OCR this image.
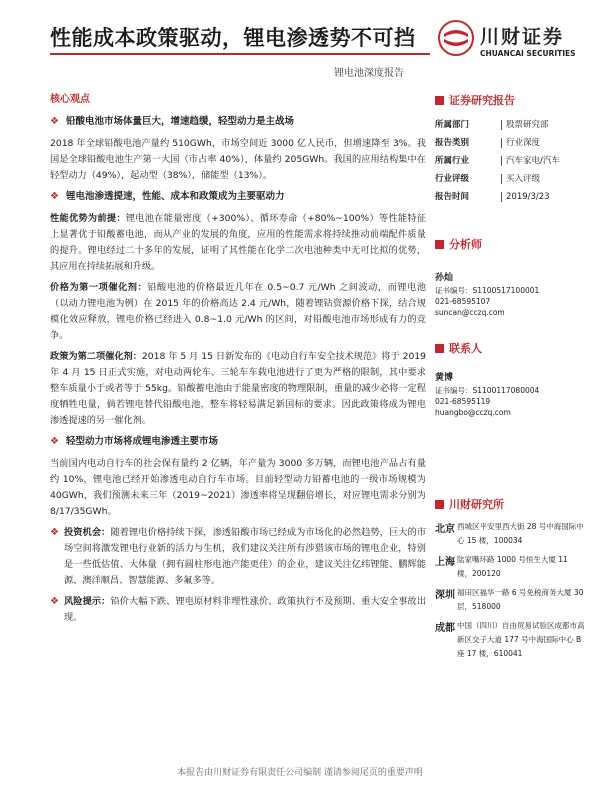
性能成本政策驱动，锂电渗透势不可挡	川财证券
CHUANCAI SECURITIES
锂电池深度报告
核心观点
❖ 铅酸电池市场体量巨大，增速趋缓，轻型动力是主战场

2018 年全球铅酸电池产量约 510GWh，市场空间近 3000 亿人民币，但增速降至 3%。我国是全球铅酸电池生产第一大国（市占率 40%），体量约 205GWh。我国的应用结构集中在轻型动力（49%），起动型（38%），储能型（13%）。

❖ 锂电池渗透提速，性能、成本和政策成为主要驱动力

性能优势为前提：锂电池在能量密度（+300%）、循环寿命（+80%~100%）等性能特征上显著优于铅酸蓄电池，而从产业的发展的角度，应用的性能需求将持续推动前端配件质量的提升。锂电经过二十多年的发展，证明了其性能在化学二次电池种类中无可比拟的优势，其应用在持续拓展和升级。

价格为第一项催化剂：铅酸电池的价格最近几年在 0.5~0.7 元/Wh 之间波动，而锂电池（以动力锂电池为例）在 2015 年的价格高达 2.4 元/Wh，随着锂钴资源价格下探，结合规模化效应释放，锂电价格已经进入 0.8~1.0 元/Wh 的区间，对铅酸电池市场形成有力的竞争。

政策为第二项催化剂：2018 年 5 月 15 日新发布的《电动自行车安全技术规范》将于 2019 年 4 月 15 日正式实施，对电动两轮车、三轮车车载电池进行了更为严格的限制，其中要求整车质量小于或者等于 55kg。铅酸蓄电池由于能量密度的物理限制，重量的减少必将一定程度牺牲电量，倘若锂电替代铅酸电池，整车将轻易满足新国标的要求。因此政策将成为锂电渗透提速的另一催化剂。

❖ 轻型动力市场将成锂电渗透主要市场

当前国内电动自行车的社会保有量约 2 亿辆，年产量为 3000 多万辆，而锂电池产品占有量约 10%，锂电池已经开始渗透电动自行车市场。目前轻型动力铅蓄电池的一级市场规模为 40GWh，我们预测未来三年（2019~2021）渗透率将呈现翻倍增长，对应锂电需求分别为 8/17/35GWh。

❖ 投资机会：随着锂电价格持续下探，渗透铅酸市场已经成为市场化的必然趋势，巨大的市场空间将激发锂电行业新的活力与生机，我们建议关注所有涉猎该市场的锂电企业，特别是一些低估值、大体量（拥有圆柱形电池产能更佳）的企业，建议关注亿纬锂能、鹏辉能源、澳洋顺昌、智慧能源、多氟多等。

❖ 风险提示：铅价大幅下跌、锂电原材料非理性涨价、政策执行不及预期、重大安全事故出现。

证券研究报告
所属部门	股票研究部
报告类别	行业深度
所属行业	汽车家电/汽车
行业评级	买入评级
报告时间	2019/3/23
分析师
孙灿
证书编号：S1100517100001
021-68595107
suncan@cczq.com
联系人
黄博
证书编号：S1100117080004
021-68595119
huangbo@cczq.com
川财研究所
北京 西城区平安里西大街 28 号中海国际中心 15 楼，100034
上海 陆家嘴环路 1000 号恒生大厦 11 楼，200120
深圳 福田区福华一路 6 号免税商务大厦 30 层，518000
成都 中国（四川）自由贸易试验区成都市高新区交子大道 177 号中海国际中心 B 座 17 楼，610041
本报告由川财证券有限责任公司编制 谨请参阅尾页的重要声明
